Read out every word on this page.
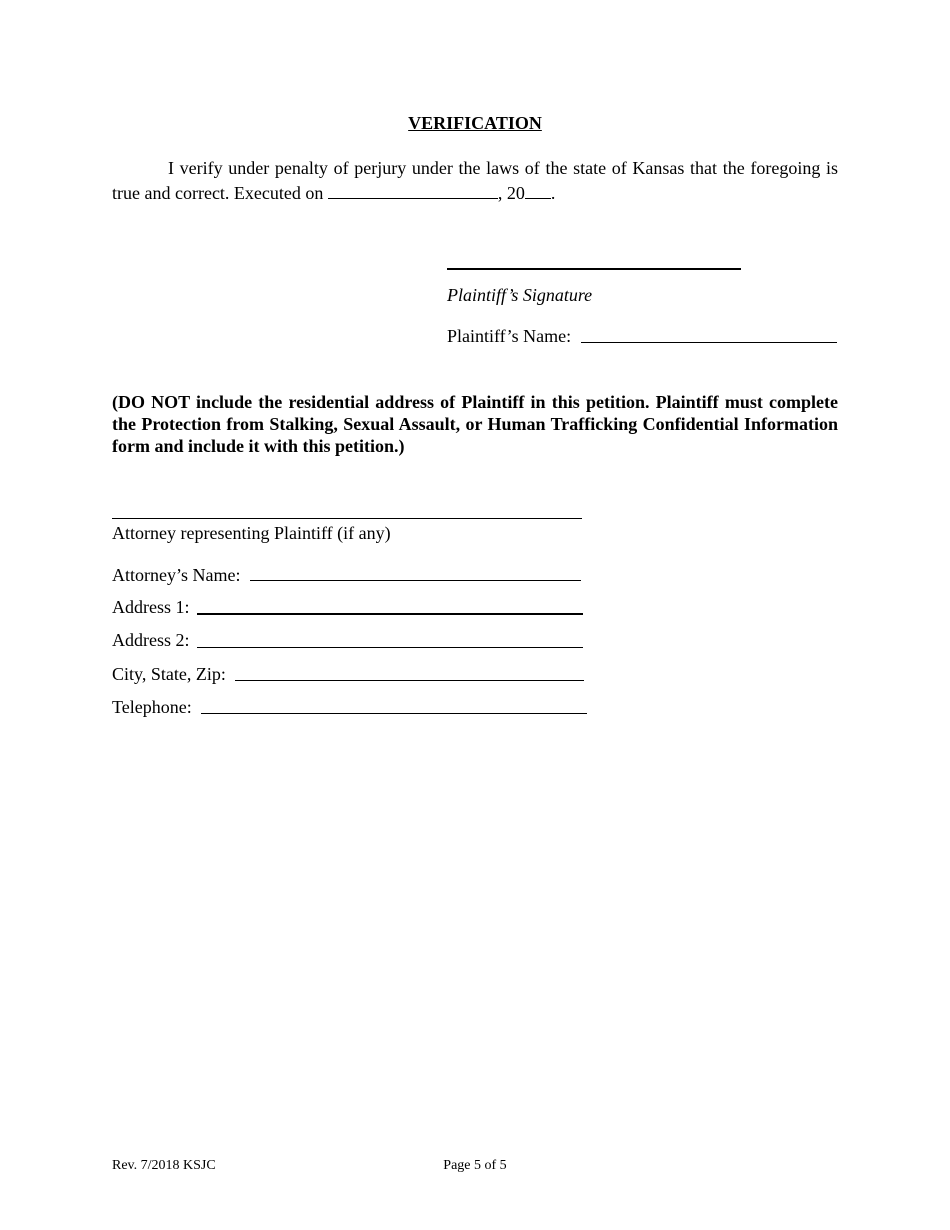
VERIFICATION
I verify under penalty of perjury under the laws of the state of Kansas that the foregoing is true and correct. Executed on	, 20 .
Plaintiff’s Signature
Plaintiff’s Name:
(DO NOT include the residential address of Plaintiff in this petition. Plaintiff must complete the Protection from Stalking, Sexual Assault, or Human Trafficking Confidential Information form and include it with this petition.)
Attorney representing Plaintiff (if any)
Attorney’s Name:
Address 1:
Address 2:
City, State, Zip:
Telephone:
Rev. 7/2018 KSJC	Page 5 of 5
